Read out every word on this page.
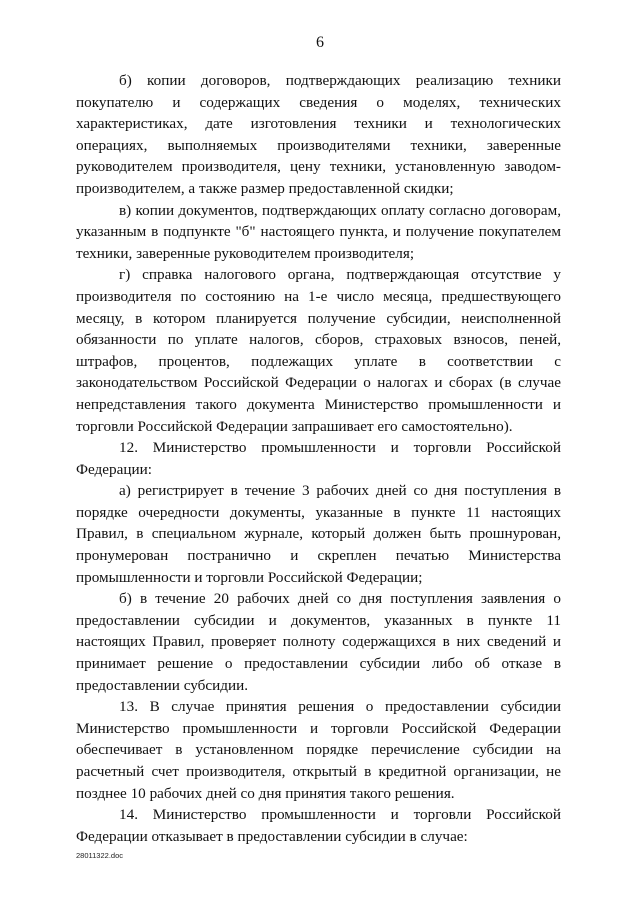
6

б) копии договоров, подтверждающих реализацию техники покупателю и содержащих сведения о моделях, технических характеристиках, дате изготовления техники и технологических операциях, выполняемых производителями техники, заверенные руководителем производителя, цену техники, установленную заводом-производителем, а также размер предоставленной скидки;

в) копии документов, подтверждающих оплату согласно договорам, указанным в подпункте "б" настоящего пункта, и получение покупателем техники, заверенные руководителем производителя;

г) справка налогового органа, подтверждающая отсутствие у производителя по состоянию на 1-е число месяца, предшествующего месяцу, в котором планируется получение субсидии, неисполненной обязанности по уплате налогов, сборов, страховых взносов, пеней, штрафов, процентов, подлежащих уплате в соответствии с законодательством Российской Федерации о налогах и сборах (в случае непредставления такого документа Министерство промышленности и торговли Российской Федерации запрашивает его самостоятельно).

12. Министерство промышленности и торговли Российской Федерации:

а) регистрирует в течение 3 рабочих дней со дня поступления в порядке очередности документы, указанные в пункте 11 настоящих Правил, в специальном журнале, который должен быть прошнурован, пронумерован постранично и скреплен печатью Министерства промышленности и торговли Российской Федерации;

б) в течение 20 рабочих дней со дня поступления заявления о предоставлении субсидии и документов, указанных в пункте 11 настоящих Правил, проверяет полноту содержащихся в них сведений и принимает решение о предоставлении субсидии либо об отказе в предоставлении субсидии.

13. В случае принятия решения о предоставлении субсидии Министерство промышленности и торговли Российской Федерации обеспечивает в установленном порядке перечисление субсидии на расчетный счет производителя, открытый в кредитной организации, не позднее 10 рабочих дней со дня принятия такого решения.

14. Министерство промышленности и торговли Российской Федерации отказывает в предоставлении субсидии в случае:

28011322.doc
